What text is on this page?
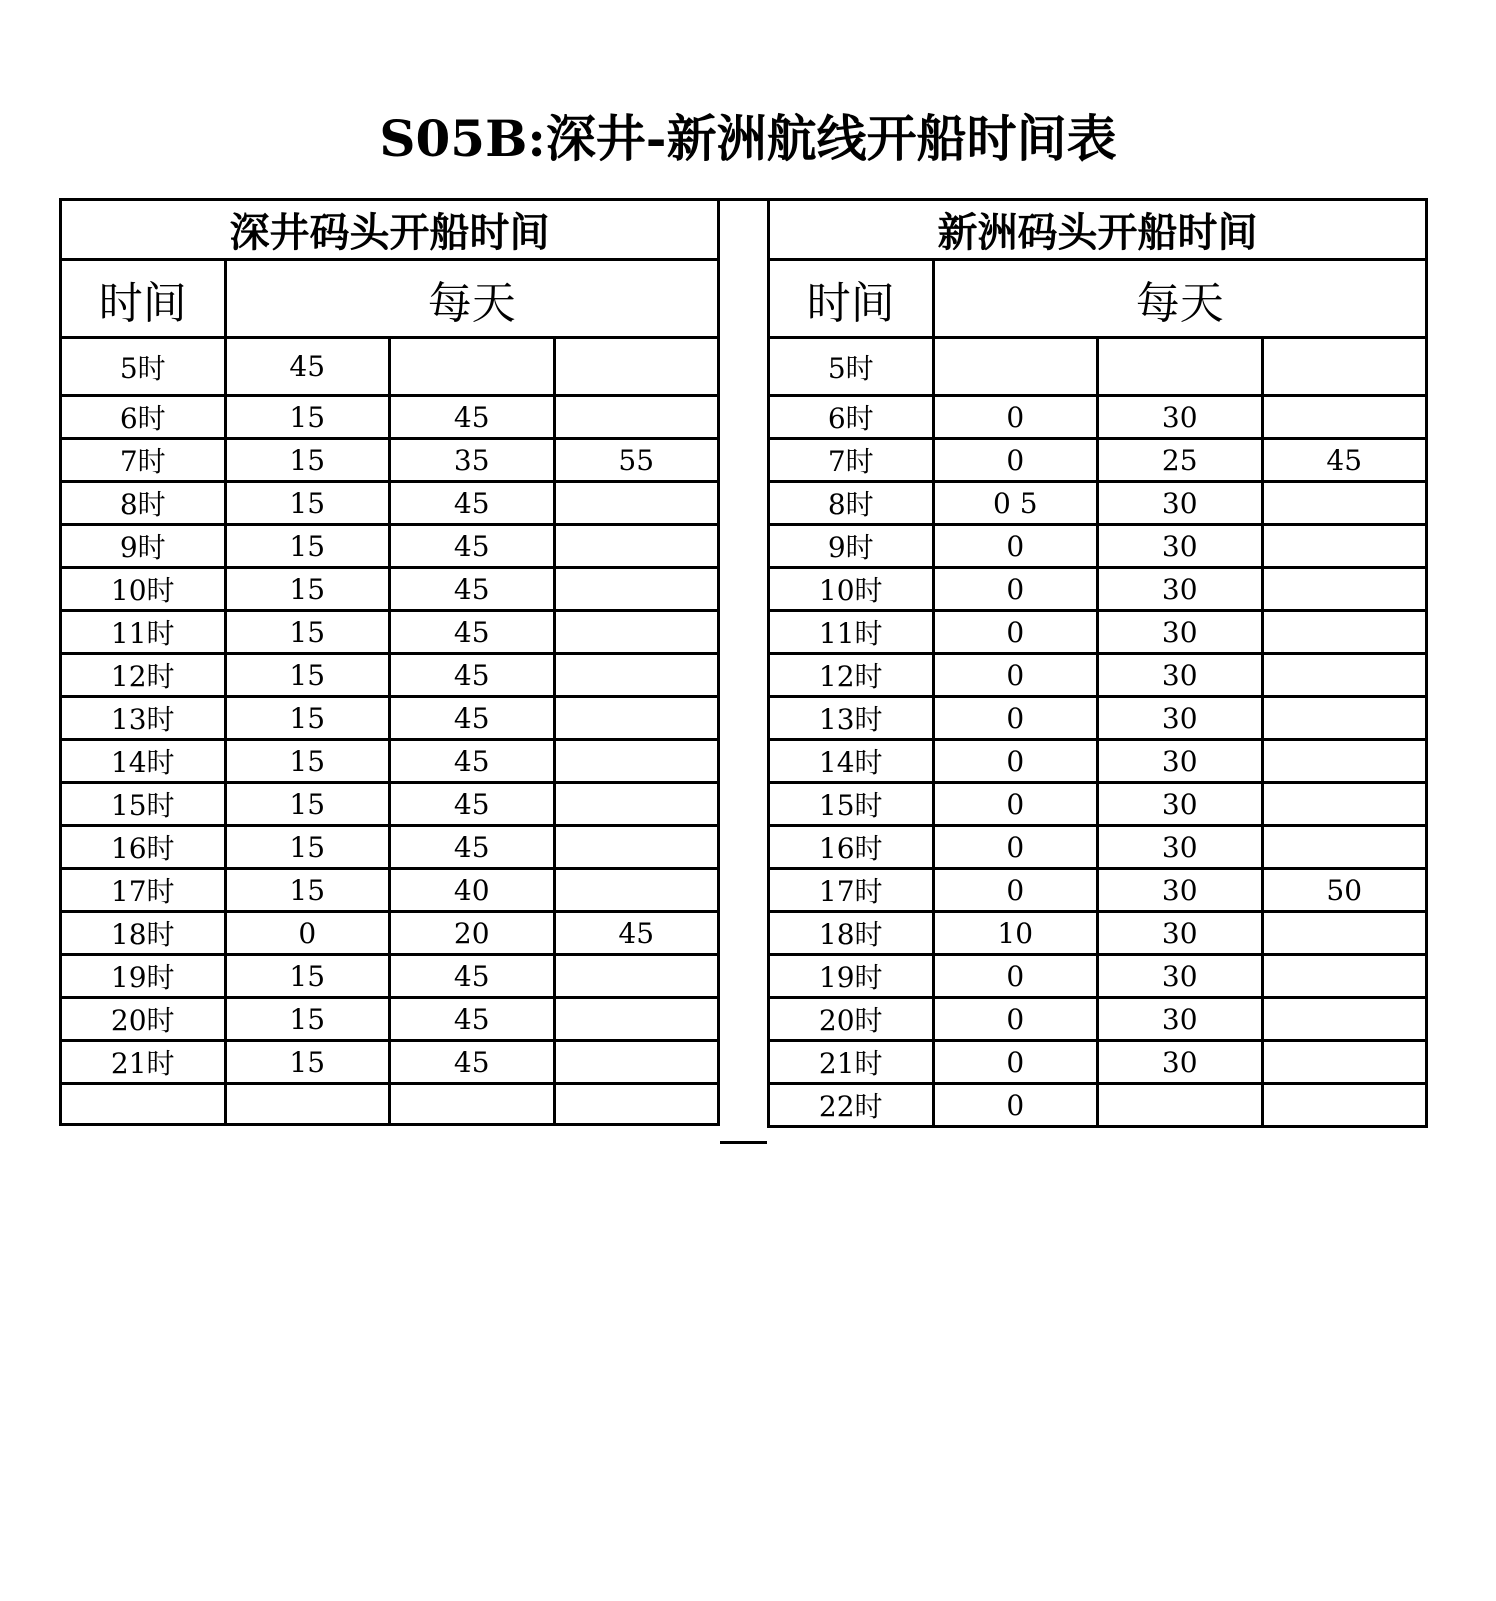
S05B:深井-新洲航线开船时间表
深井码头开船时间			
时间	每天		
5时	45		
6时	15	45	
7时	15	35	55
8时	15	45	
9时	15	45	
10时	15	45	
11时	15	45	
12时	15	45	
13时	15	45	
14时	15	45	
15时	15	45	
16时	15	45	
17时	15	40	
18时	0	20	45
19时	15	45	
20时	15	45	
21时	15	45	

新洲码头开船时间			
时间	每天		
5时			
6时	0	30	
7时	0	25	45
8时	0 5	30	
9时	0	30	
10时	0	30	
11时	0	30	
12时	0	30	
13时	0	30	
14时	0	30	
15时	0	30	
16时	0	30	
17时	0	30	50
18时	10	30	
19时	0	30	
20时	0	30	
21时	0	30	
22时	0		
